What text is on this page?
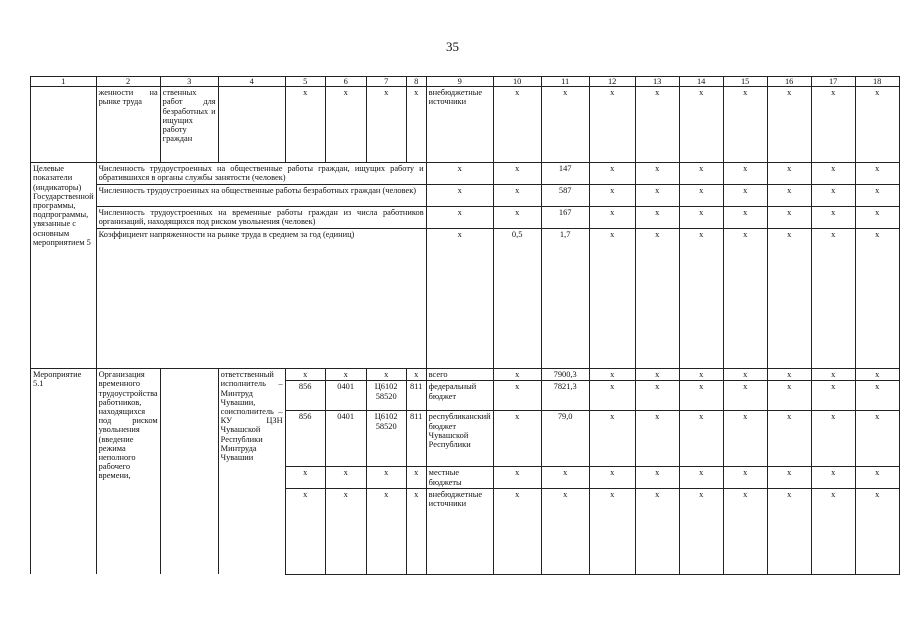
35
1	2	3	4	5	6	7	8	9	10	11	12	13	14	15	16	17	18
	женности на рынке труда	ственных работ для безработных и ищущих работу граждан		x	x	x	x	внебюджетные источники	x	x	x	x	x	x	x	x	x
Целевые показатели (индикаторы) Государственной программы, подпрограммы, увязанные с основным мероприятием 5	Численность трудоустроенных на общественные работы граждан, ищущих работу и обратившихся в органы службы занятости (человек)							х	х	147	x	x	x	x	x	x	x
	Численность трудоустроенных на общественные работы безработных граждан (человек)							х	х	587	x	x	x	x	x	x	x
	Численность трудоустроенных на временные работы граждан из числа работников организаций, находящихся под риском увольнения (человек)							х	х	167	x	x	x	x	x	x	x
	Коэффициент напряженности на рынке труда в среднем за год (единиц)							х	0,5	1,7	x	x	x	x	x	x	x
Мероприятие 5.1	Организация временного трудоустройства работников, находящихся под риском увольнения (введение режима неполного рабочего времени,		ответственный исполнитель – Минтруд Чувашии, соисполнитель – КУ ЦЗН Чувашской Республики Минтруда Чувашии	х	х	х	х	всего	х	7900,3	x	x	x	x	x	x	x
				856	0401	Ц6102 58520	811	федеральный бюджет	х	7821,3	x	x	x	x	x	x	x
				856	0401	Ц6102 58520	811	республиканский бюджет Чувашской Республики	х	79,0	x	x	x	x	x	x	x
				х	х	х	х	местные бюджеты	х	х	x	x	x	x	x	x	x
				х	х	х	х	внебюджетные источники	х	х	x	x	x	x	x	x	x
